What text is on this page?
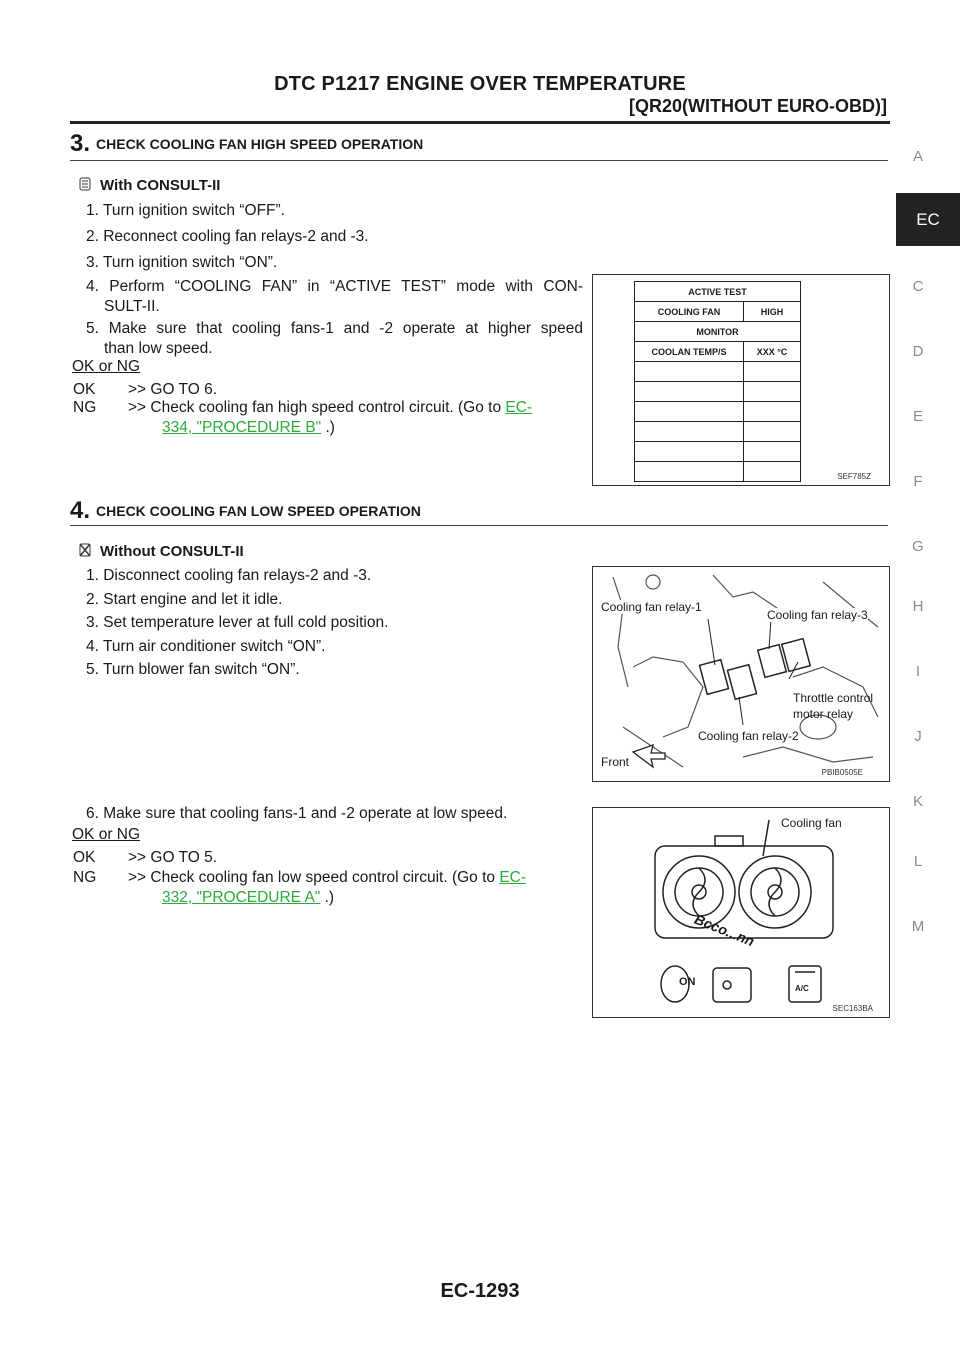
DTC P1217 ENGINE OVER TEMPERATURE
[QR20(WITHOUT EURO-OBD)]
A
EC
C
D
E
F
G
H
I
J
K
L
M
3. CHECK COOLING FAN HIGH SPEED OPERATION
With CONSULT-II
1. Turn ignition switch “OFF”.
2. Reconnect cooling fan relays-2 and -3.
3. Turn ignition switch “ON”.
4. Perform “COOLING FAN” in “ACTIVE TEST” mode with CON-
SULT-II.
5. Make sure that cooling fans-1 and -2 operate at higher speed
than low speed.
OK or NG
OK >> GO TO 6.
NG >> Check cooling fan high speed control circuit. (Go to EC-
334, "PROCEDURE B" .)
ACTIVE TEST	
COOLING FAN	HIGH
MONITOR	
COOLAN TEMP/S	XXX °C

SEF785Z
4. CHECK COOLING FAN LOW SPEED OPERATION
Without CONSULT-II
1. Disconnect cooling fan relays-2 and -3.
2. Start engine and let it idle.
3. Set temperature lever at full cold position.
4. Turn air conditioner switch “ON”.
5. Turn blower fan switch “ON”.
6. Make sure that cooling fans-1 and -2 operate at low speed.
OK or NG
OK >> GO TO 5.
NG >> Check cooling fan low speed control circuit. (Go to EC-
332, "PROCEDURE A" .)
Cooling fan relay-1
Cooling fan relay-3
Throttle control
motor relay
Cooling fan relay-2
Front
PBIB0505E
Cooling fan
Bcco...nn
ON
A/C
SEC163BA
EC-1293
